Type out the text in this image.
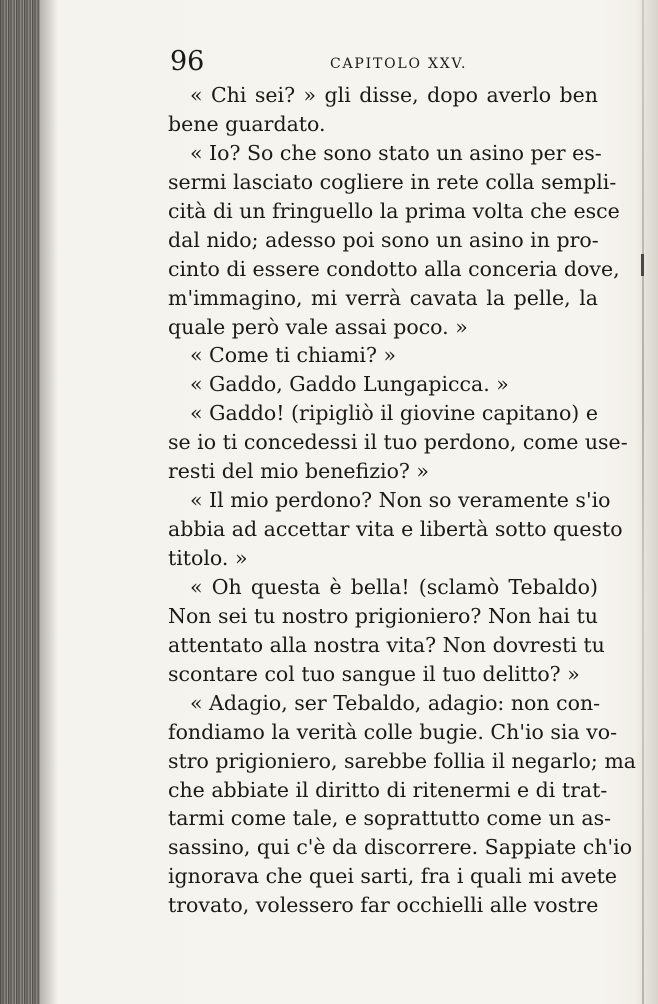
96	CAPITOLO XXV.
« Chi sei? » gli disse, dopo averlo ben
bene guardato.
« Io? So che sono stato un asino per es-
sermi lasciato cogliere in rete colla sempli-
cità di un fringuello la prima volta che esce
dal nido; adesso poi sono un asino in pro-
cinto di essere condotto alla conceria dove,
m'immagino, mi verrà cavata la pelle, la
quale però vale assai poco. »
« Come ti chiami? »
« Gaddo, Gaddo Lungapicca. »
« Gaddo! (ripigliò il giovine capitano) e
se io ti concedessi il tuo perdono, come use-
resti del mio benefizio? »
« Il mio perdono? Non so veramente s'io
abbia ad accettar vita e libertà sotto questo
titolo. »
« Oh questa è bella! (sclamò Tebaldo)
Non sei tu nostro prigioniero? Non hai tu
attentato alla nostra vita? Non dovresti tu
scontare col tuo sangue il tuo delitto? »
« Adagio, ser Tebaldo, adagio: non con-
fondiamo la verità colle bugie. Ch'io sia vo-
stro prigioniero, sarebbe follia il negarlo; ma
che abbiate il diritto di ritenermi e di trat-
tarmi come tale, e soprattutto come un as-
sassino, qui c'è da discorrere. Sappiate ch'io
ignorava che quei sarti, fra i quali mi avete
trovato, volessero far occhielli alle vostre
